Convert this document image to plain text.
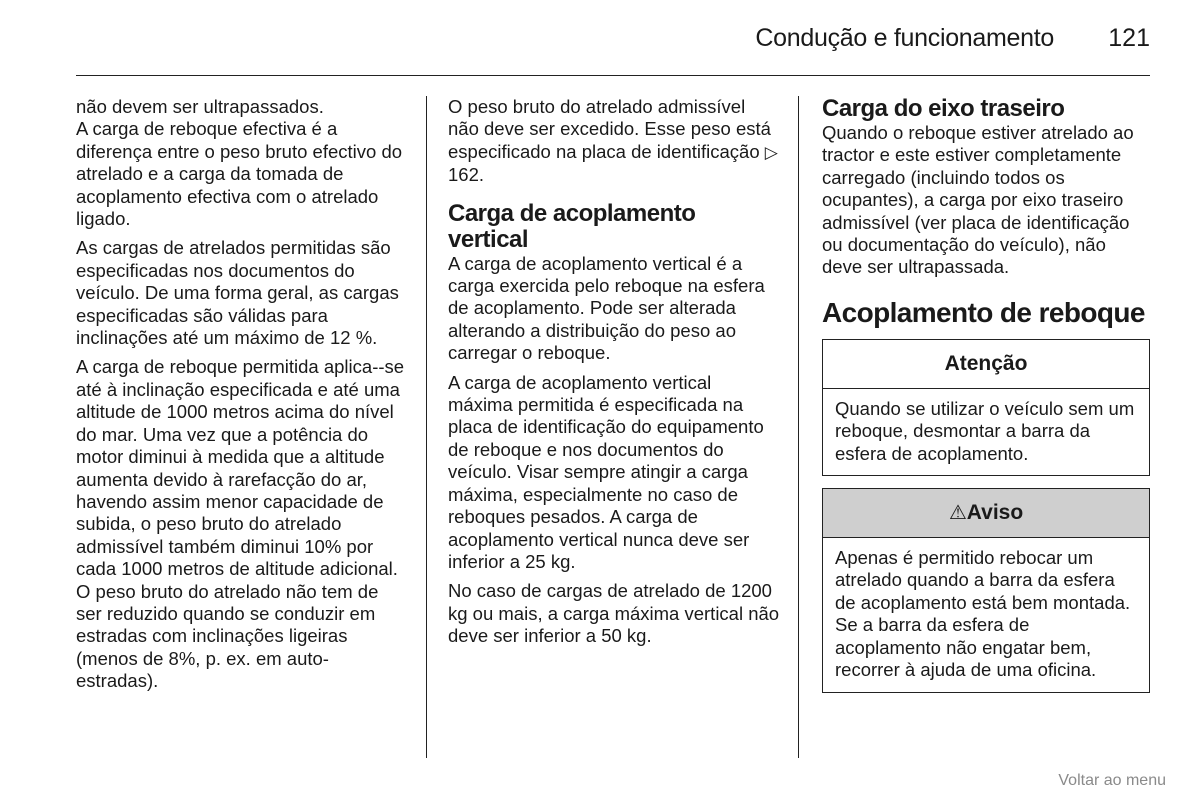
Condução e funcionamento 121

não devem ser ultrapassados.

A carga de reboque efectiva é a diferença entre o peso bruto efectivo do atrelado e a carga da tomada de acoplamento efectiva com o atrelado ligado.

As cargas de atrelados permitidas são especificadas nos documentos do veículo. De uma forma geral, as cargas especificadas são válidas para inclinações até um máximo de 12 %.

A carga de reboque permitida aplica--se até à inclinação especificada e até uma altitude de 1000 metros acima do nível do mar. Uma vez que a potência do motor diminui à medida que a altitude aumenta devido à rarefacção do ar, havendo assim menor capacidade de subida, o peso bruto do atrelado admissível também diminui 10% por cada 1000 metros de altitude adicional. O peso bruto do atrelado não tem de ser reduzido quando se conduzir em estradas com inclinações ligeiras (menos de 8%, p. ex. em auto-estradas).

O peso bruto do atrelado admissível não deve ser excedido. Esse peso está especificado na placa de identificação ▷ 162.

Carga de acoplamento vertical

A carga de acoplamento vertical é a carga exercida pelo reboque na esfera de acoplamento. Pode ser alterada alterando a distribuição do peso ao carregar o reboque.

A carga de acoplamento vertical máxima permitida é especificada na placa de identificação do equipamento de reboque e nos documentos do veículo. Visar sempre atingir a carga máxima, especialmente no caso de reboques pesados. A carga de acoplamento vertical nunca deve ser inferior a 25 kg.

No caso de cargas de atrelado de 1200 kg ou mais, a carga máxima vertical não deve ser inferior a 50 kg.

Carga do eixo traseiro

Quando o reboque estiver atrelado ao tractor e este estiver completamente carregado (incluindo todos os ocupantes), a carga por eixo traseiro admissível (ver placa de identificação ou documentação do veículo), não deve ser ultrapassada.

Acoplamento de reboque
Atenção
Quando se utilizar o veículo sem um reboque, desmontar a barra da esfera de acoplamento.
⚠Aviso
Apenas é permitido rebocar um atrelado quando a barra da esfera de acoplamento está bem montada. Se a barra da esfera de acoplamento não engatar bem, recorrer à ajuda de uma oficina.
Voltar ao menu
